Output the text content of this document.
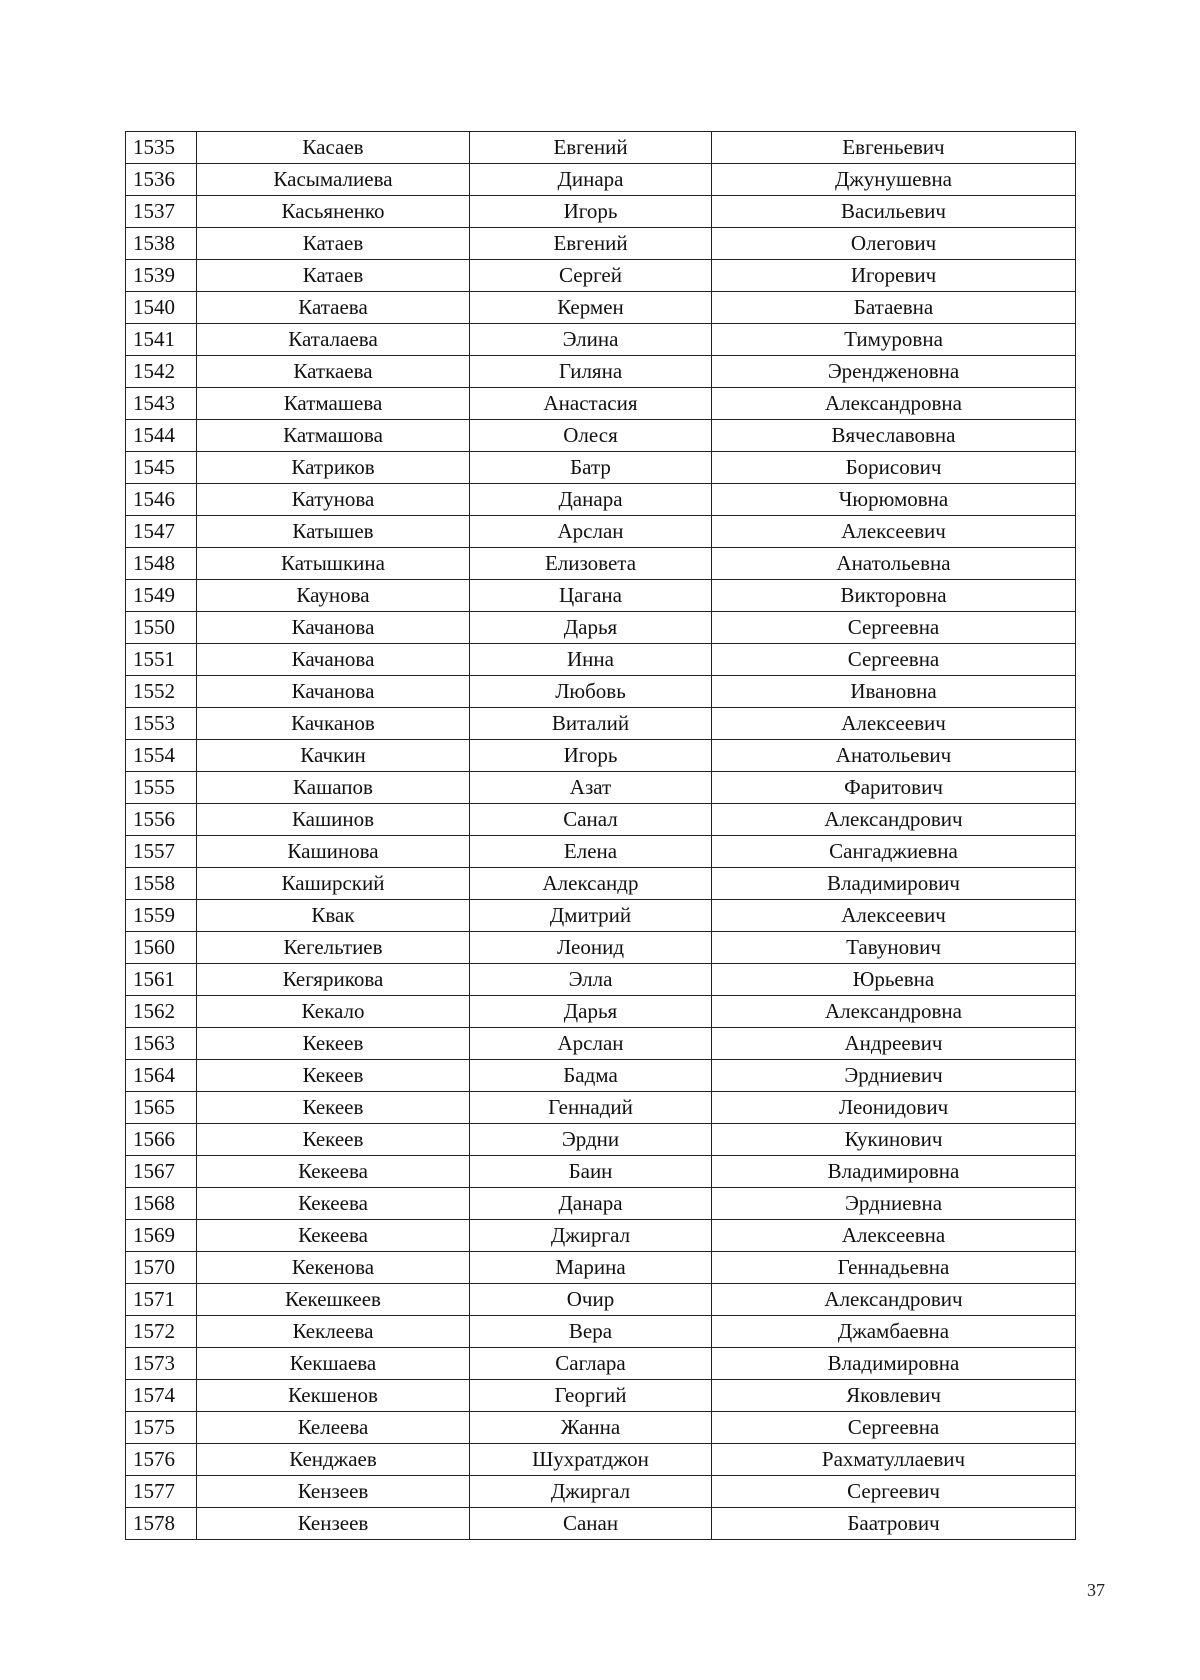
1535	Касаев	Евгений	Евгеньевич
1536	Касымалиева	Динара	Джунушевна
1537	Касьяненко	Игорь	Васильевич
1538	Катаев	Евгений	Олегович
1539	Катаев	Сергей	Игоревич
1540	Катаева	Кермен	Батаевна
1541	Каталаева	Элина	Тимуровна
1542	Каткаева	Гиляна	Эрендженовна
1543	Катмашева	Анастасия	Александровна
1544	Катмашова	Олеся	Вячеславовна
1545	Катриков	Батр	Борисович
1546	Катунова	Данара	Чюрюмовна
1547	Катышев	Арслан	Алексеевич
1548	Катышкина	Елизовета	Анатольевна
1549	Каунова	Цагана	Викторовна
1550	Качанова	Дарья	Сергеевна
1551	Качанова	Инна	Сергеевна
1552	Качанова	Любовь	Ивановна
1553	Качканов	Виталий	Алексеевич
1554	Качкин	Игорь	Анатольевич
1555	Кашапов	Азат	Фаритович
1556	Кашинов	Санал	Александрович
1557	Кашинова	Елена	Сангаджиевна
1558	Каширский	Александр	Владимирович
1559	Квак	Дмитрий	Алексеевич
1560	Кегельтиев	Леонид	Тавунович
1561	Кегярикова	Элла	Юрьевна
1562	Кекало	Дарья	Александровна
1563	Кекеев	Арслан	Андреевич
1564	Кекеев	Бадма	Эрдниевич
1565	Кекеев	Геннадий	Леонидович
1566	Кекеев	Эрдни	Кукинович
1567	Кекеева	Баин	Владимировна
1568	Кекеева	Данара	Эрдниевна
1569	Кекеева	Джиргал	Алексеевна
1570	Кекенова	Марина	Геннадьевна
1571	Кекешкеев	Очир	Александрович
1572	Кеклеева	Вера	Джамбаевна
1573	Кекшаева	Саглара	Владимировна
1574	Кекшенов	Георгий	Яковлевич
1575	Келеева	Жанна	Сергеевна
1576	Кенджаев	Шухратджон	Рахматуллаевич
1577	Кензеев	Джиргал	Сергеевич
1578	Кензеев	Санан	Баатрович
37
